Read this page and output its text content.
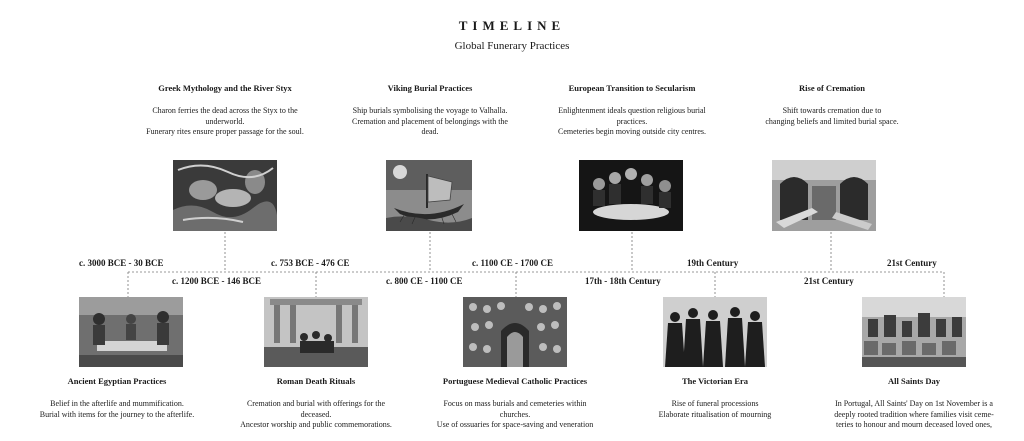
TIMELINE
Global Funerary Practices
Greek Mythology and the River Styx
Charon ferries the dead across the Styx to the
underworld.
Funerary rites ensure proper passage for the soul.
Viking Burial Practices
Ship burials symbolising the voyage to Valhalla.
Cremation and placement of belongings with the
dead.
European Transition to Secularism
Enlightenment ideals question religious burial
practices.
Cemeteries begin moving outside city centres.
Rise of Cremation
Shift towards cremation due to
changing beliefs and limited burial space.
c. 3000 BCE - 30 BCE	c. 753 BCE - 476 CE	c. 1100 CE - 1700 CE	19th Century	21st Century
c. 1200 BCE - 146 BCE	c. 800 CE - 1100 CE	17th - 18th Century	21st Century
Ancient Egyptian Practices
Belief in the afterlife and mummification.
Burial with items for the journey to the afterlife.
Roman Death Rituals
Cremation and burial with offerings for the
deceased.
Ancestor worship and public commemorations.
Portuguese Medieval Catholic Practices
Focus on mass burials and cemeteries within
churches.
Use of ossuaries for space-saving and veneration
The Victorian Era
Rise of funeral processions
Elaborate ritualisation of mourning
All Saints Day
In Portugal, All Saints' Day on 1st November is a
deeply rooted tradition where families visit ceme-
teries to honour and mourn deceased loved ones,
